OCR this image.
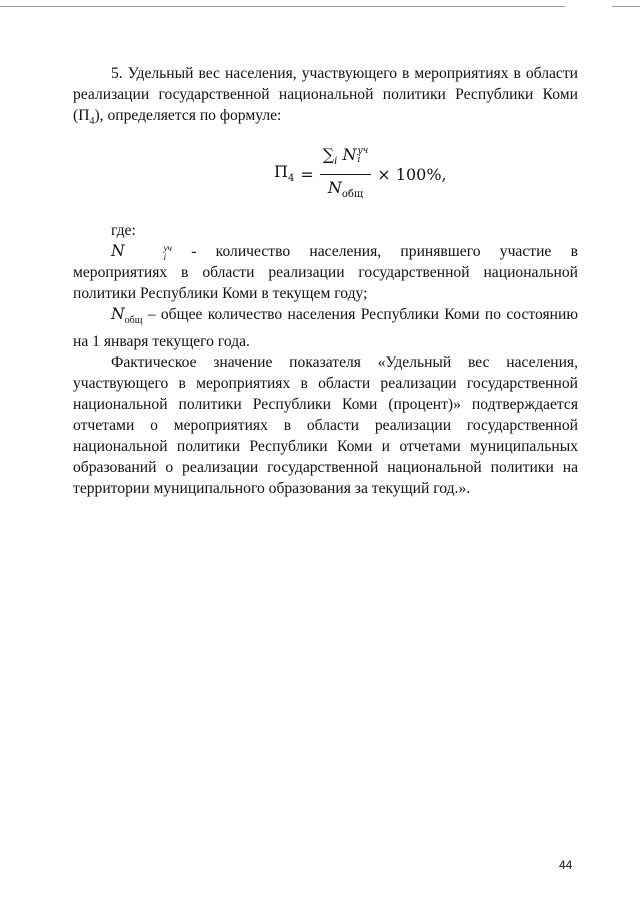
5. Удельный вес населения, участвующего в мероприятиях в области реализации государственной национальной политики Республики Коми $(П_4)$, определяется по формуле:

$П_4 = \sum_i$ N уч
i
$N_{общ} \times 100\%$,

где:

N	уч
i - количество населения, принявшего участие в мероприятиях в области реализации государственной национальной политики Республики Коми в текущем году;

$N_{общ}$ – общее количество населения Республики Коми по состоянию на 1 января текущего года.

Фактическое значение показателя «Удельный вес населения, участвующего в мероприятиях в области реализации государственной национальной политики Республики Коми (процент)» подтверждается отчетами о мероприятиях в области реализации государственной национальной политики Республики Коми и отчетами муниципальных образований о реализации государственной национальной политики на территории муниципального образования за текущий год.».

44
